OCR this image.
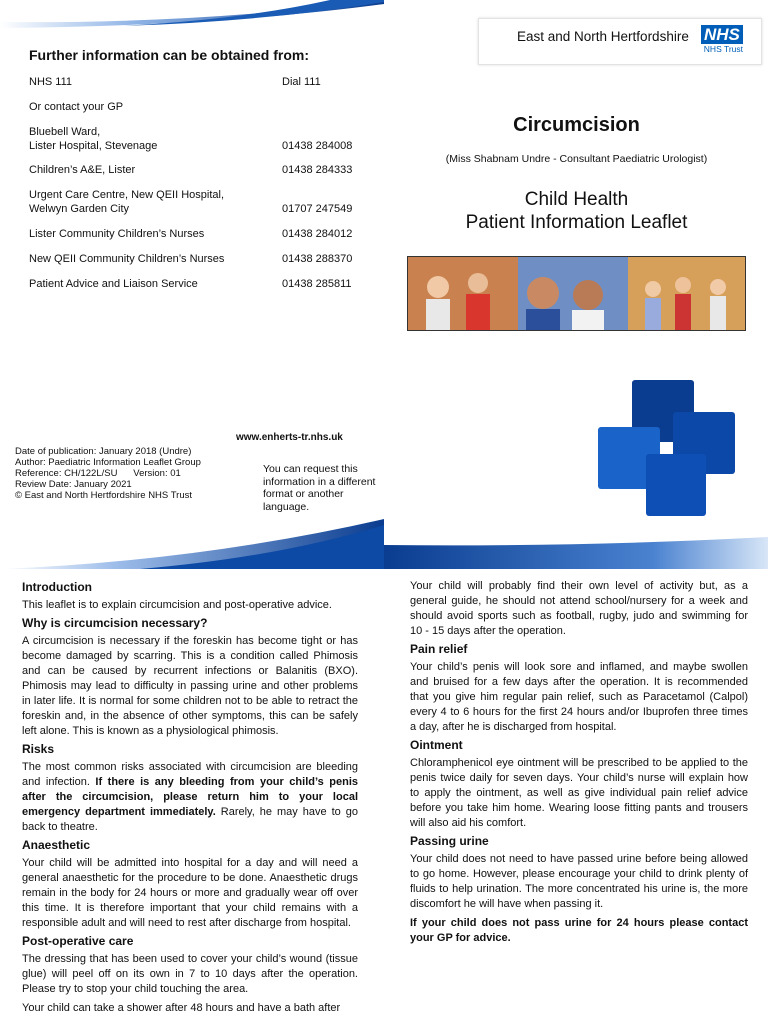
Further information can be obtained from:
NHS 111	Dial 111
Or contact your GP
Bluebell Ward,
Lister Hospital, Stevenage	01438 284008
Children’s A&E, Lister	01438 284333
Urgent Care Centre, New QEII Hospital,
Welwyn Garden City	01707 247549
Lister Community Children’s Nurses	01438 284012
New QEII Community Children’s Nurses	01438 288370
Patient Advice and Liaison Service	01438 285811
www.enherts-tr.nhs.uk
Date of publication: January 2018 (Undre)
Author: Paediatric Information Leaflet Group
Reference: CH/122L/SU      Version: 01
Review Date: January 2021
© East and North Hertfordshire NHS Trust
You can request this information in a different format or another language.
East and North Hertfordshire NHS
NHS Trust
Circumcision
(Miss Shabnam Undre - Consultant Paediatric Urologist)
Child Health
Patient Information Leaflet
Introduction

This leaflet is to explain circumcision and post-operative advice.

Why is circumcision necessary?

A circumcision is necessary if the foreskin has become tight or has become damaged by scarring. This is a condition called Phimosis and can be caused by recurrent infections or Balanitis (BXO). Phimosis may lead to difficulty in passing urine and other problems in later life. It is normal for some children not to be able to retract the foreskin and, in the absence of other symptoms, this can be safely left alone. This is known as a physiological phimosis.

Risks

The most common risks associated with circumcision are bleeding and infection. If there is any bleeding from your child’s penis after the circumcision, please return him to your local emergency department immediately. Rarely, he may have to go back to theatre.

Anaesthetic

Your child will be admitted into hospital for a day and will need a general anaesthetic for the procedure to be done. Anaesthetic drugs remain in the body for 24 hours or more and gradually wear off over this time. It is therefore important that your child remains with a responsible adult and will need to rest after discharge from hospital.

Post-operative care

The dressing that has been used to cover your child’s wound (tissue glue) will peel off on its own in 7 to 10 days after the operation. Please try to stop your child touching the area.

Your child can take a shower after 48 hours and have a bath after

Your child will probably find their own level of activity but, as a general guide, he should not attend school/nursery for a week and should avoid sports such as football, rugby, judo and swimming for 10 - 15 days after the operation.

Pain relief

Your child’s penis will look sore and inflamed, and maybe swollen and bruised for a few days after the operation. It is recommended that you give him regular pain relief, such as Paracetamol (Calpol) every 4 to 6 hours for the first 24 hours and/or Ibuprofen three times a day, after he is discharged from hospital.

Ointment

Chloramphenicol eye ointment will be prescribed to be applied to the penis twice daily for seven days. Your child’s nurse will explain how to apply the ointment, as well as give individual pain relief advice before you take him home. Wearing loose fitting pants and trousers will also aid his comfort.

Passing urine

Your child does not need to have passed urine before being allowed to go home. However, please encourage your child to drink plenty of fluids to help urination. The more concentrated his urine is, the more discomfort he will have when passing it.

If your child does not pass urine for 24 hours please contact your GP for advice.
